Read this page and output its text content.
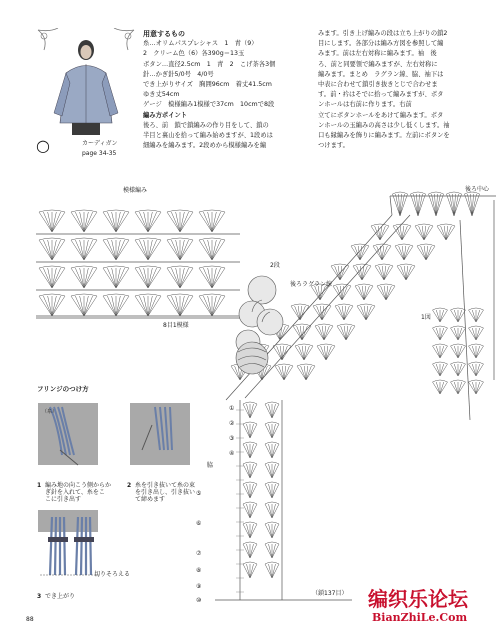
○	カーディガン
page 34-35
用意するもの
糸…オリムパスプレシャス　1　青（9）
2　クリーム色（6）各390g＝13玉
ボタン…直径2.5cm　1　青　2　こげ茶各3個
針…かぎ針5/0号　4/0号
でき上がりサイズ　胸囲96cm　着丈41.5cm
ゆき丈54cm
ゲージ　模様編み1模様で37cm　10cmで8段
編み方ポイント
後ろ、前　鎖で鎖編みの作り目をして、鎖の
半目と裏山を拾って編み始めますが、1段めは
細編みを編みます。2段めから模様編みを編
みます。引き上げ編みの段は立ち上がりの鎖2
目にします。各部分は編み方図を参照して編
みます。前は左右対称に編みます。袖　後
ろ、前と同要領で編みますが、左右対称に
編みます。まとめ　ラグラン線、脇、袖下は
中表に合わせて鎖引き抜きとじで合わせま
す。前・衿はそでに拾って編みますが、ボタ
ンホールは右前に作ります。右前
立てにボタンホールをあけて編みます。ボタ
ンホールの玉編みの高さは少し低くします。袖
口も縁編みを飾りに編みます。左前にボタンを
つけます。
模様編み
8目1模様
後ろラグラン線
1図
後ろ中心
脇
（鎖137目）
2段
①
②
③
④
⑤
⑥
⑦
⑧
⑨
⑩
フリンジのつけ方
（糸）
1 編み地の向こう側からか
ぎ針を入れて、糸をこ
こに引き出す
2 糸を引き抜いて糸の束
を引き出し、引き抜い
て締めます
切りそろえる
3 でき上がり
88
编织乐论坛
BianZhiLe.Com
